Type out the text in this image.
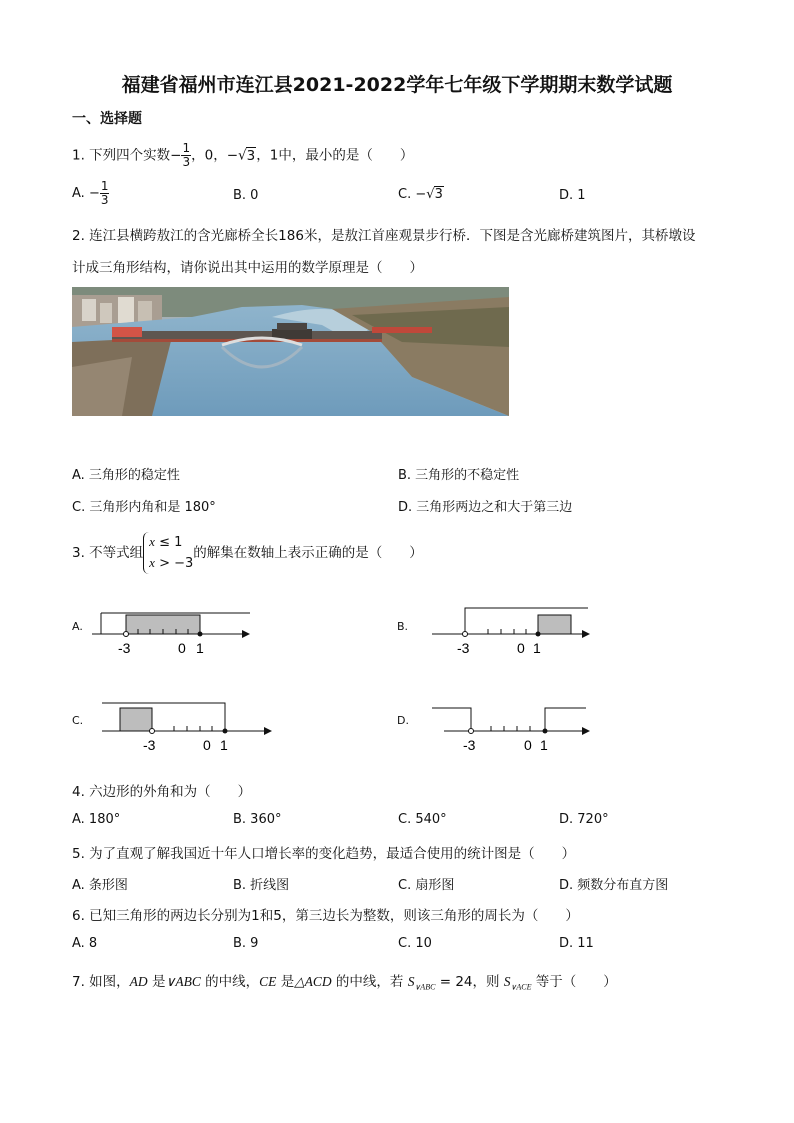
福建省福州市连江县2021-2022学年七年级下学期期末数学试题
一、选择题
1. 下列四个实数− $\frac{1}{3}$ ，0，−√3，1中，最小的是（　　）
A. − $\frac{1}{3}$	B. 0	C. −√3	D. 1
2. 连江县横跨敖江的含光廊桥全长186米，是敖江首座观景步行桥．下图是含光廊桥建筑图片，其桥墩设
计成三角形结构，请你说出其中运用的数学原理是（　　）
A. 三角形的稳定性	B. 三角形的不稳定性
C. 三角形内角和是 180°	D. 三角形两边之和大于第三边
3. 不等式组
x ≤ 1
x > −3
的解集在数轴上表示正确的是（　　）
A.
-3	0 1
B.
-3	0 1
C.
-3	0 1
D.
-3	0 1
4. 六边形的外角和为（　　）
A. 180°	B. 360°	C. 540°	D. 720°
5. 为了直观了解我国近十年人口增长率的变化趋势，最适合使用的统计图是（　　）
A. 条形图	B. 折线图	C. 扇形图	D. 频数分布直方图
6. 已知三角形的两边长分别为1和5，第三边长为整数，则该三角形的周长为（　　）
A. 8	B. 9	C. 10	D. 11
7. 如图，AD 是∨ABC 的中线，CE 是△ACD 的中线，若 $S_{\vee ABC} = 24$，则 $S_{\vee ACE}$ 等于（　　）
